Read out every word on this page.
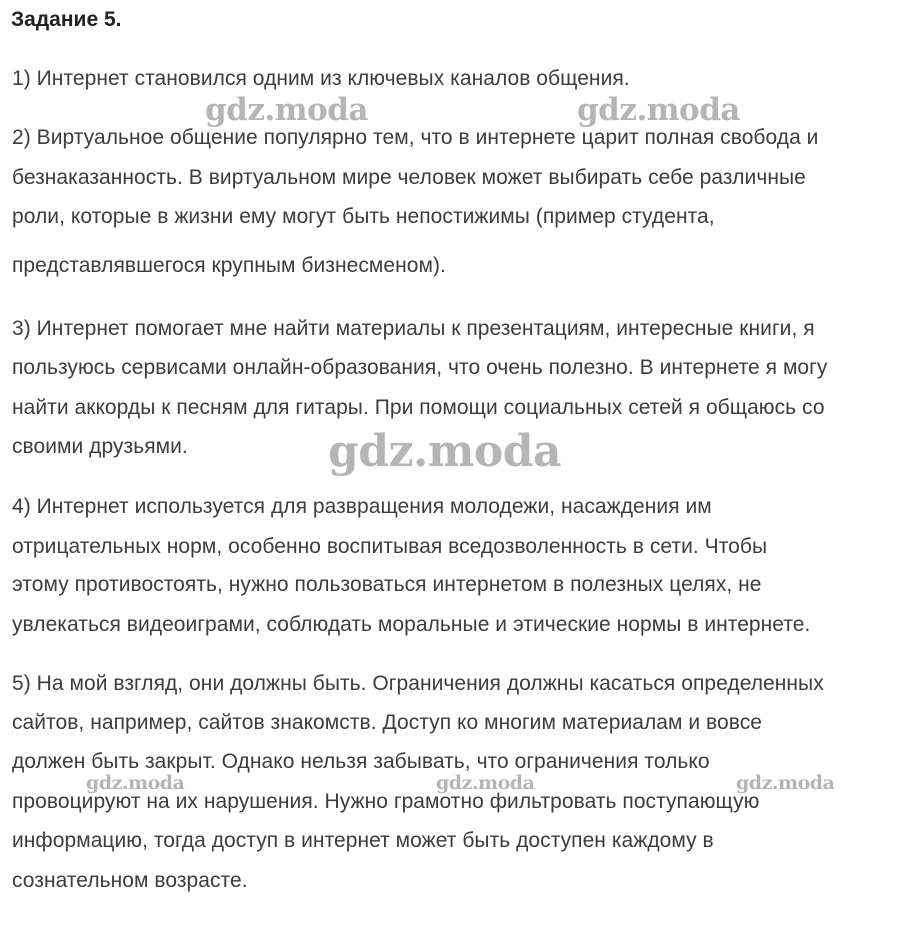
Задание 5.
1) Интернет становился одним из ключевых каналов общения.
2) Виртуальное общение популярно тем, что в интернете царит полная свобода и
безнаказанность. В виртуальном мире человек может выбирать себе различные
роли, которые в жизни ему могут быть непостижимы (пример студента,
представлявшегося крупным бизнесменом).
3) Интернет помогает мне найти материалы к презентациям, интересные книги, я
пользуюсь сервисами онлайн-образования, что очень полезно. В интернете я могу
найти аккорды к песням для гитары. При помощи социальных сетей я общаюсь со
своими друзьями.
4) Интернет используется для развращения молодежи, насаждения им
отрицательных норм, особенно воспитывая вседозволенность в сети. Чтобы
этому противостоять, нужно пользоваться интернетом в полезных целях, не
увлекаться видеоиграми, соблюдать моральные и этические нормы в интернете.
5) На мой взгляд, они должны быть. Ограничения должны касаться определенных
сайтов, например, сайтов знакомств. Доступ ко многим материалам и вовсе
должен быть закрыт. Однако нельзя забывать, что ограничения только
провоцируют на их нарушения. Нужно грамотно фильтровать поступающую
информацию, тогда доступ в интернет может быть доступен каждому в
сознательном возрасте.
gdz.moda	gdz.moda
gdz.moda
gdz.moda	gdz.moda	gdz.moda
